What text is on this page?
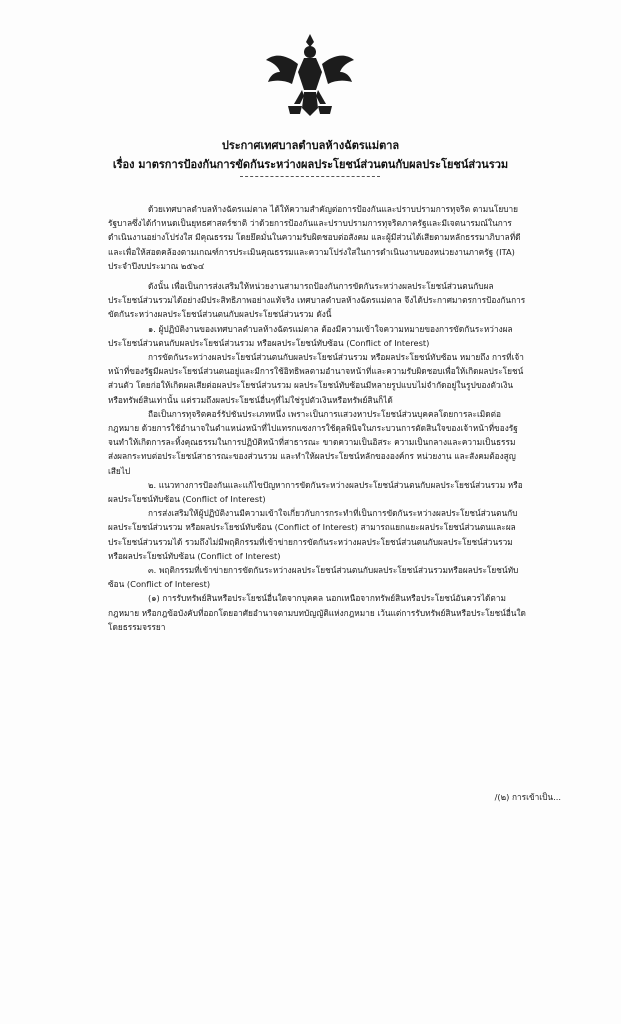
ประกาศเทศบาลตำบลห้างฉัตรแม่ตาล
เรื่อง มาตรการป้องกันการขัดกันระหว่างผลประโยชน์ส่วนตนกับผลประโยชน์ส่วนรวม

ด้วยเทศบาลตำบลห้างฉัตรแม่ตาล ได้ให้ความสำคัญต่อการป้องกันและปราบปรามการทุจริต ตามนโยบายรัฐบาลซึ่งได้กำหนดเป็นยุทธศาสตร์ชาติ ว่าด้วยการป้องกันและปราบปรามการทุจริตภาครัฐและมีเจตนารมณ์ในการดำเนินงานอย่างโปร่งใส มีคุณธรรม โดยยึดมั่นในความรับผิดชอบต่อสังคม และผู้มีส่วนได้เสียตามหลักธรรมาภิบาลที่ดี และเพื่อให้สอดคล้องตามเกณฑ์การประเมินคุณธรรมและความโปร่งใสในการดำเนินงานของหน่วยงานภาครัฐ (ITA) ประจำปีงบประมาณ ๒๕๖๔

ดังนั้น เพื่อเป็นการส่งเสริมให้หน่วยงานสามารถป้องกันการขัดกันระหว่างผลประโยชน์ส่วนตนกับผลประโยชน์ส่วนรวมได้อย่างมีประสิทธิภาพอย่างแท้จริง เทศบาลตำบลห้างฉัตรแม่ตาล จึงได้ประกาศมาตรการป้องกันการขัดกันระหว่างผลประโยชน์ส่วนตนกับผลประโยชน์ส่วนรวม ดังนี้

๑. ผู้ปฏิบัติงานของเทศบาลตำบลห้างฉัตรแม่ตาล ต้องมีความเข้าใจความหมายของการขัดกันระหว่างผลประโยชน์ส่วนตนกับผลประโยชน์ส่วนรวม หรือผลประโยชน์ทับซ้อน (Conflict of Interest)

การขัดกันระหว่างผลประโยชน์ส่วนตนกับผลประโยชน์ส่วนรวม หรือผลประโยชน์ทับซ้อน หมายถึง การที่เจ้าหน้าที่ของรัฐมีผลประโยชน์ส่วนตนอยู่และมีการใช้อิทธิพลตามอำนาจหน้าที่และความรับผิดชอบเพื่อให้เกิดผลประโยชน์ส่วนตัว โดยก่อให้เกิดผลเสียต่อผลประโยชน์ส่วนรวม ผลประโยชน์ทับซ้อนมีหลายรูปแบบไม่จำกัดอยู่ในรูปของตัวเงินหรือทรัพย์สินเท่านั้น แต่รวมถึงผลประโยชน์อื่นๆที่ไม่ใช่รูปตัวเงินหรือทรัพย์สินก็ได้

ถือเป็นการทุจริตคอร์รัปชันประเภทหนึ่ง เพราะเป็นการแสวงหาประโยชน์ส่วนบุคคลโดยการละเมิดต่อกฎหมาย ด้วยการใช้อำนาจในตำแหน่งหน้าที่ไปแทรกแซงการใช้ดุลพินิจในกระบวนการตัดสินใจของเจ้าหน้าที่ของรัฐ จนทำให้เกิดการละทิ้งคุณธรรมในการปฏิบัติหน้าที่สาธารณะ ขาดความเป็นอิสระ ความเป็นกลางและความเป็นธรรม ส่งผลกระทบต่อประโยชน์สาธารณะของส่วนรวม และทำให้ผลประโยชน์หลักขององค์กร หน่วยงาน และสังคมต้องสูญเสียไป

๒. แนวทางการป้องกันและแก้ไขปัญหาการขัดกันระหว่างผลประโยชน์ส่วนตนกับผลประโยชน์ส่วนรวม หรือผลประโยชน์ทับซ้อน (Conflict of Interest)

การส่งเสริมให้ผู้ปฏิบัติงานมีความเข้าใจเกี่ยวกับการกระทำที่เป็นการขัดกันระหว่างผลประโยชน์ส่วนตนกับผลประโยชน์ส่วนรวม หรือผลประโยชน์ทับซ้อน (Conflict of Interest) สามารถแยกแยะผลประโยชน์ส่วนตนและผลประโยชน์ส่วนรวมได้ รวมถึงไม่มีพฤติกรรมที่เข้าข่ายการขัดกันระหว่างผลประโยชน์ส่วนตนกับผลประโยชน์ส่วนรวม หรือผลประโยชน์ทับซ้อน (Conflict of Interest)

๓. พฤติกรรมที่เข้าข่ายการขัดกันระหว่างผลประโยชน์ส่วนตนกับผลประโยชน์ส่วนรวมหรือผลประโยชน์ทับซ้อน (Conflict of Interest)

(๑) การรับทรัพย์สินหรือประโยชน์อื่นใดจากบุคคล นอกเหนือจากทรัพย์สินหรือประโยชน์อันควรได้ตามกฎหมาย หรือกฎข้อบังคับที่ออกโดยอาศัยอำนาจตามบทบัญญัติแห่งกฎหมาย เว้นแต่การรับทรัพย์สินหรือประโยชน์อื่นใดโดยธรรมจรรยา

/(๒) การเข้าเป็น...
